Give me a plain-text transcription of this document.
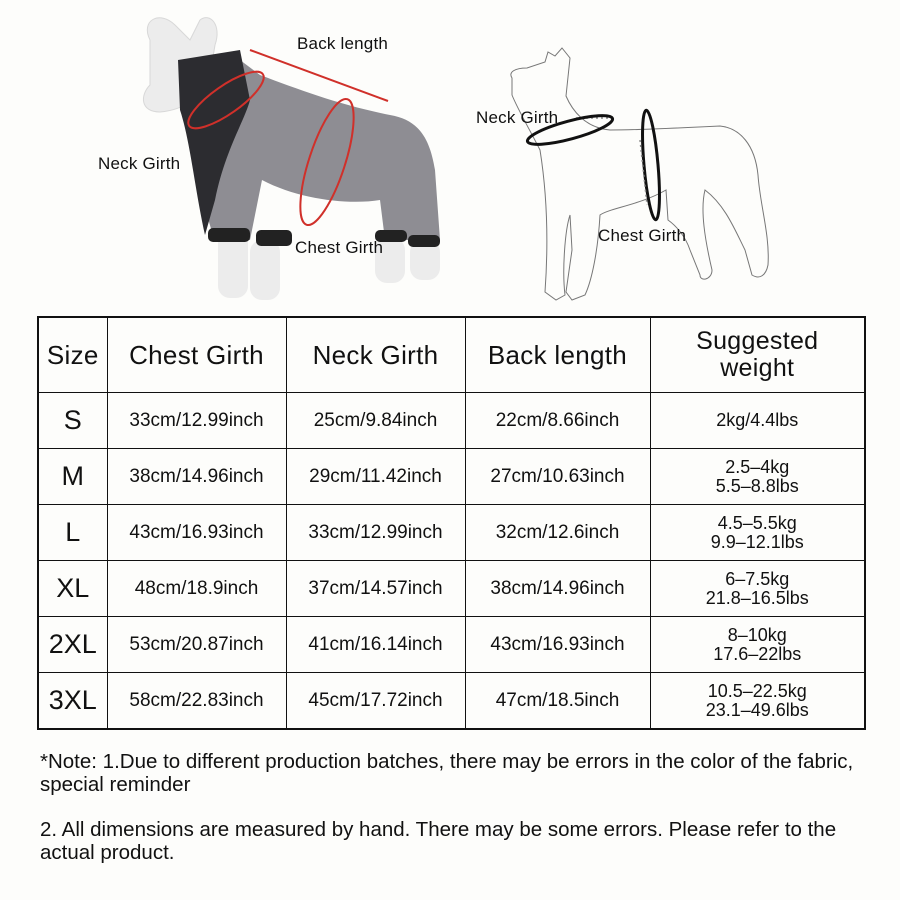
Back length
Neck Girth
Chest Girth
Neck Girth
Chest Girth
Size	Chest Girth	Neck Girth	Back length	Suggested
weight

S	33cm/12.99inch	25cm/9.84inch	22cm/8.66inch	2kg/4.4lbs

M	38cm/14.96inch	29cm/11.42inch	27cm/10.63inch	2.5–4kg
5.5–8.8lbs

L	43cm/16.93inch	33cm/12.99inch	32cm/12.6inch	4.5–5.5kg
9.9–12.1lbs

XL	48cm/18.9inch	37cm/14.57inch	38cm/14.96inch	6–7.5kg
21.8–16.5lbs

2XL	53cm/20.87inch	41cm/16.14inch	43cm/16.93inch	8–10kg
17.6–22lbs

3XL	58cm/22.83inch	45cm/17.72inch	47cm/18.5inch	10.5–22.5kg
23.1–49.6lbs

*Note: 1.Due to different production batches, there may be errors in the color of the fabric, special reminder

2. All dimensions are measured by hand. There may be some errors. Please refer to the actual product.
